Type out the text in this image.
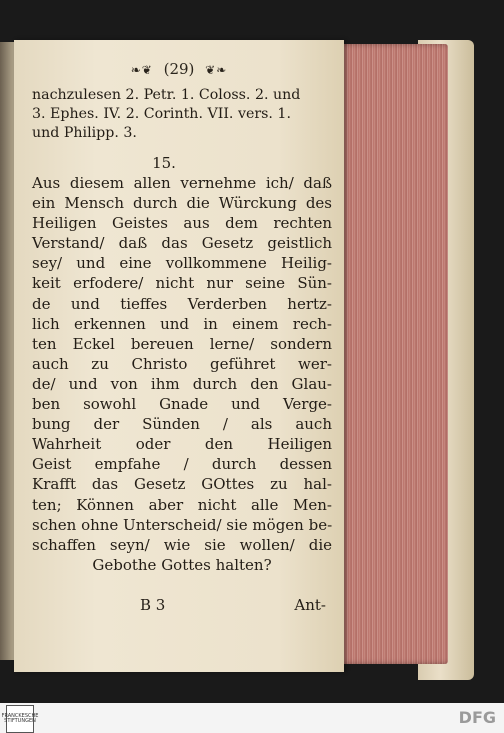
❧❦ (29) ❦❧
nachzulesen 2. Petr. 1. Coloss. 2. und
3. Ephes. IV. 2. Corinth. VII. vers. 1.
und Philipp. 3.
15.
Aus diesem allen vernehme ich/ daß
ein Mensch durch die Würckung des
Heiligen Geistes aus dem rechten
Verstand/ daß das Gesetz geistlich
sey/ und eine vollkommene Heilig-
keit erfodere/ nicht nur seine Sün-
de und tieffes Verderben hertz-
lich erkennen und in einem rech-
ten Eckel bereuen lerne/ sondern
auch zu Christo geführet wer-
de/ und von ihm durch den Glau-
ben sowohl Gnade und Verge-
bung der Sünden / als auch
Wahrheit oder den Heiligen
Geist empfahe / durch dessen
Krafft das Gesetz GOttes zu hal-
ten; Können aber nicht alle Men-
schen ohne Unterscheid/ sie mögen be-
schaffen seyn/ wie sie wollen/ die
Gebothe Gottes halten?
B 3	Ant-
FRANCKESCHE STIFTUNGEN	DFG
